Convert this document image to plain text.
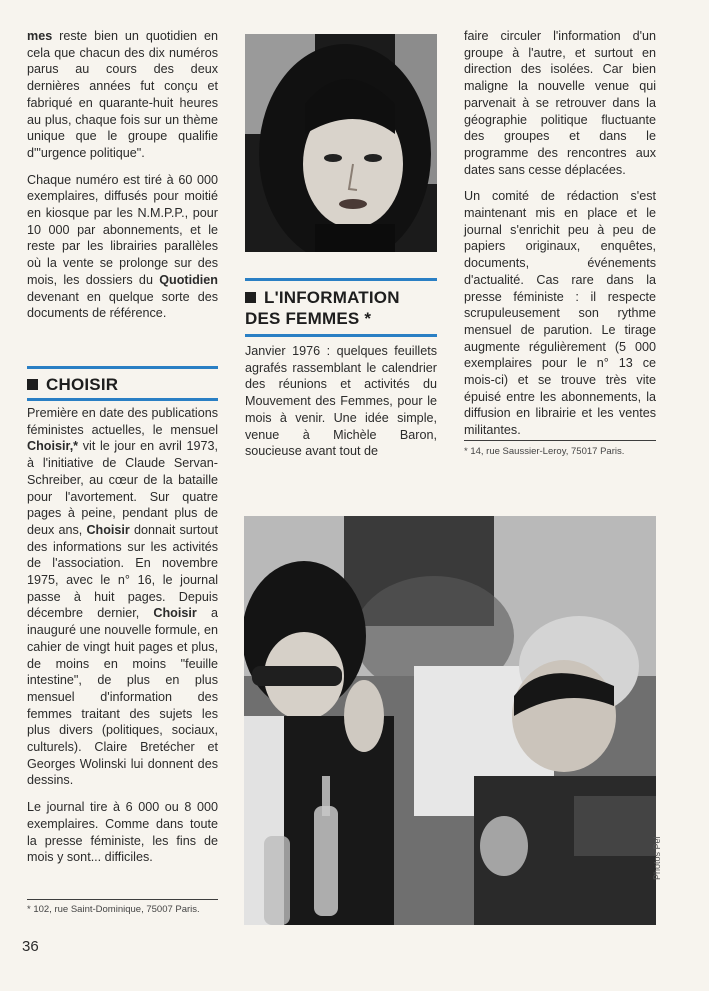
mes reste bien un quotidien en cela que chacun des dix numéros parus au cours des deux dernières années fut conçu et fabriqué en quarante-huit heures au plus, chaque fois sur un thème unique que le groupe qualifie d'"urgence politique".

Chaque numéro est tiré à 60 000 exemplaires, diffusés pour moitié en kiosque par les N.M.P.P., pour 10 000 par abonnements, et le reste par les librairies parallèles où la vente se prolonge sur des mois, les dossiers du Quotidien devenant en quelque sorte des documents de référence.

CHOISIR

Première en date des publications féministes actuelles, le mensuel Choisir,* vit le jour en avril 1973, à l'initiative de Claude Servan-Schreiber, au cœur de la bataille pour l'avortement. Sur quatre pages à peine, pendant plus de deux ans, Choisir donnait surtout des informations sur les activités de l'association. En novembre 1975, avec le n° 16, le journal passe à huit pages. Depuis décembre dernier, Choisir a inauguré une nouvelle formule, en cahier de vingt huit pages et plus, de moins en moins "feuille intestine", de plus en plus mensuel d'information des femmes traitant des sujets les plus divers (politiques, sociaux, culturels). Claire Bretécher et Georges Wolinski lui donnent des dessins.

Le journal tire à 6 000 ou 8 000 exemplaires. Comme dans toute la presse féministe, les fins de mois y sont... difficiles.

* 102, rue Saint-Dominique, 75007 Paris.
36
L'INFORMATION
DES FEMMES *

Janvier 1976 : quelques feuillets agrafés rassemblant le calendrier des réunions et activités du Mouvement des Femmes, pour le mois à venir. Une idée simple, venue à Michèle Baron, soucieuse avant tout de

faire circuler l'information d'un groupe à l'autre, et surtout en direction des isolées. Car bien maligne la nouvelle venue qui parvenait à se retrouver dans la géographie politique fluctuante des groupes et dans le programme des rencontres aux dates sans cesse déplacées.

Un comité de rédaction s'est maintenant mis en place et le journal s'enrichit peu à peu de papiers originaux, enquêtes, documents, événements d'actualité. Cas rare dans la presse féministe : il respecte scrupuleusement son rythme mensuel de parution. Le tirage augmente régulièrement (5 000 exemplaires pour le n° 13 ce mois-ci) et se trouve très vite épuisé entre les abonnements, la diffusion en librairie et les ventes militantes.

* 14, rue Saussier-Leroy, 75017 Paris.
Photos Pel
